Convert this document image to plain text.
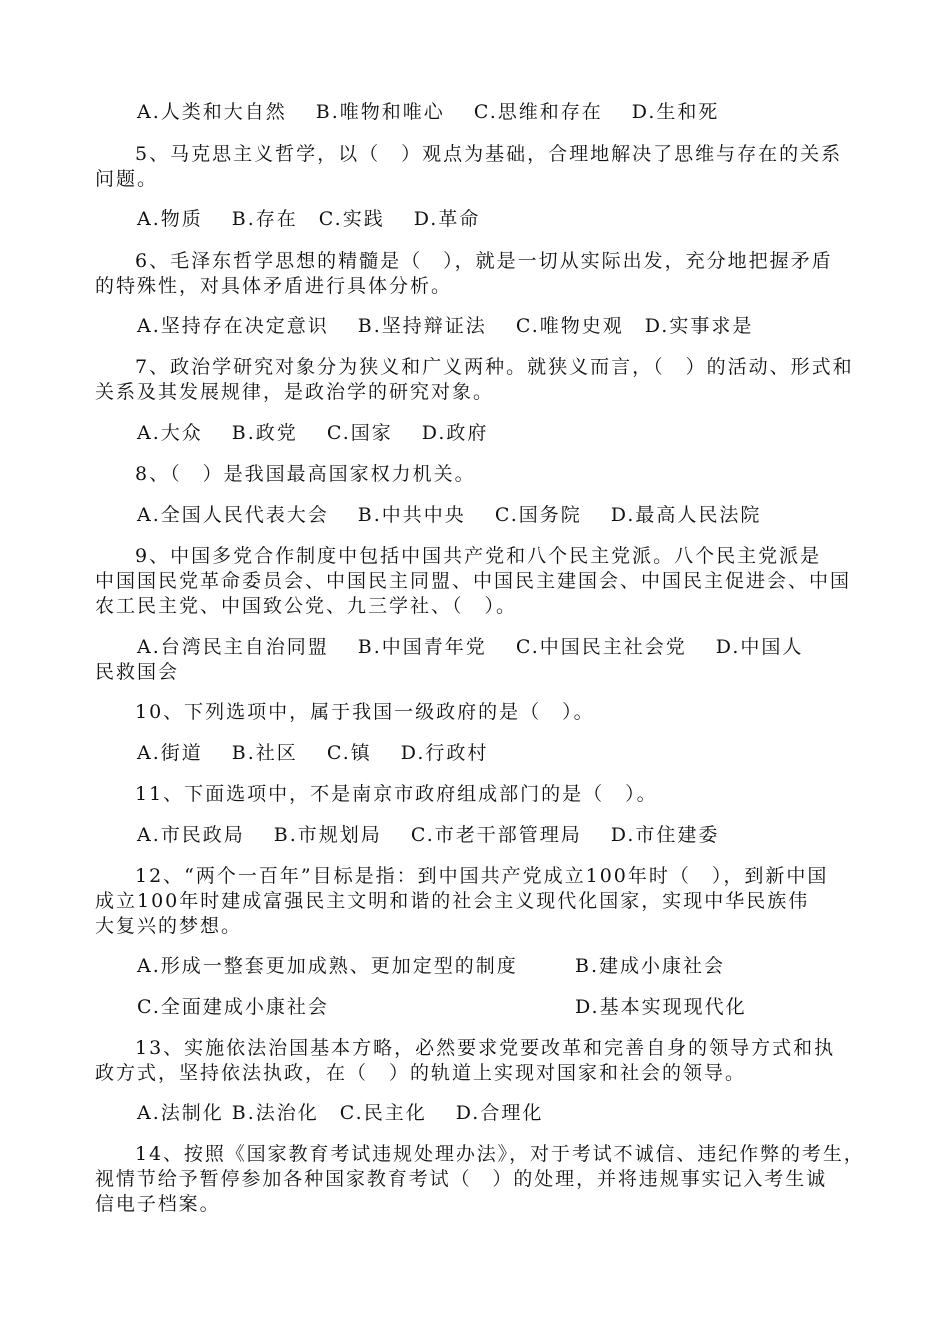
A.人类和大自然　 B.唯物和唯心　 C.思维和存在　 D.生和死
5、马克思主义哲学，以（　）观点为基础，合理地解决了思维与存在的关系
问题。
A.物质　 B.存在　C.实践　 D.革命
6、毛泽东哲学思想的精髓是（　），就是一切从实际出发，充分地把握矛盾
的特殊性，对具体矛盾进行具体分析。
A.坚持存在决定意识　 B.坚持辩证法　 C.唯物史观　D.实事求是
7、政治学研究对象分为狭义和广义两种。就狭义而言，（　）的活动、形式和
关系及其发展规律，是政治学的研究对象。
A.大众　 B.政党　 C.国家　 D.政府
8、（　）是我国最高国家权力机关。
A.全国人民代表大会　 B.中共中央　 C.国务院　 D.最高人民法院
9、中国多党合作制度中包括中国共产党和八个民主党派。八个民主党派是
中国国民党革命委员会、中国民主同盟、中国民主建国会、中国民主促进会、中国
农工民主党、中国致公党、九三学社、（　）。
A.台湾民主自治同盟　 B.中国青年党　 C.中国民主社会党　 D.中国人
民救国会
10、下列选项中，属于我国一级政府的是（　）。
A.街道　 B.社区　 C.镇　 D.行政村
11、下面选项中，不是南京市政府组成部门的是（　）。
A.市民政局　 B.市规划局　 C.市老干部管理局　 D.市住建委
12、“两个一百年”目标是指：到中国共产党成立100年时（　），到新中国
成立100年时建成富强民主文明和谐的社会主义现代化国家，实现中华民族伟
大复兴的梦想。
A.形成一整套更加成熟、更加定型的制度	B.建成小康社会
C.全面建成小康社会	D.基本实现现代化
13、实施依法治国基本方略，必然要求党要改革和完善自身的领导方式和执
政方式，坚持依法执政，在（　）的轨道上实现对国家和社会的领导。
A.法制化 B.法治化　C.民主化　 D.合理化
14、按照《国家教育考试违规处理办法》，对于考试不诚信、违纪作弊的考生，
视情节给予暂停参加各种国家教育考试（　）的处理，并将违规事实记入考生诚
信电子档案。
